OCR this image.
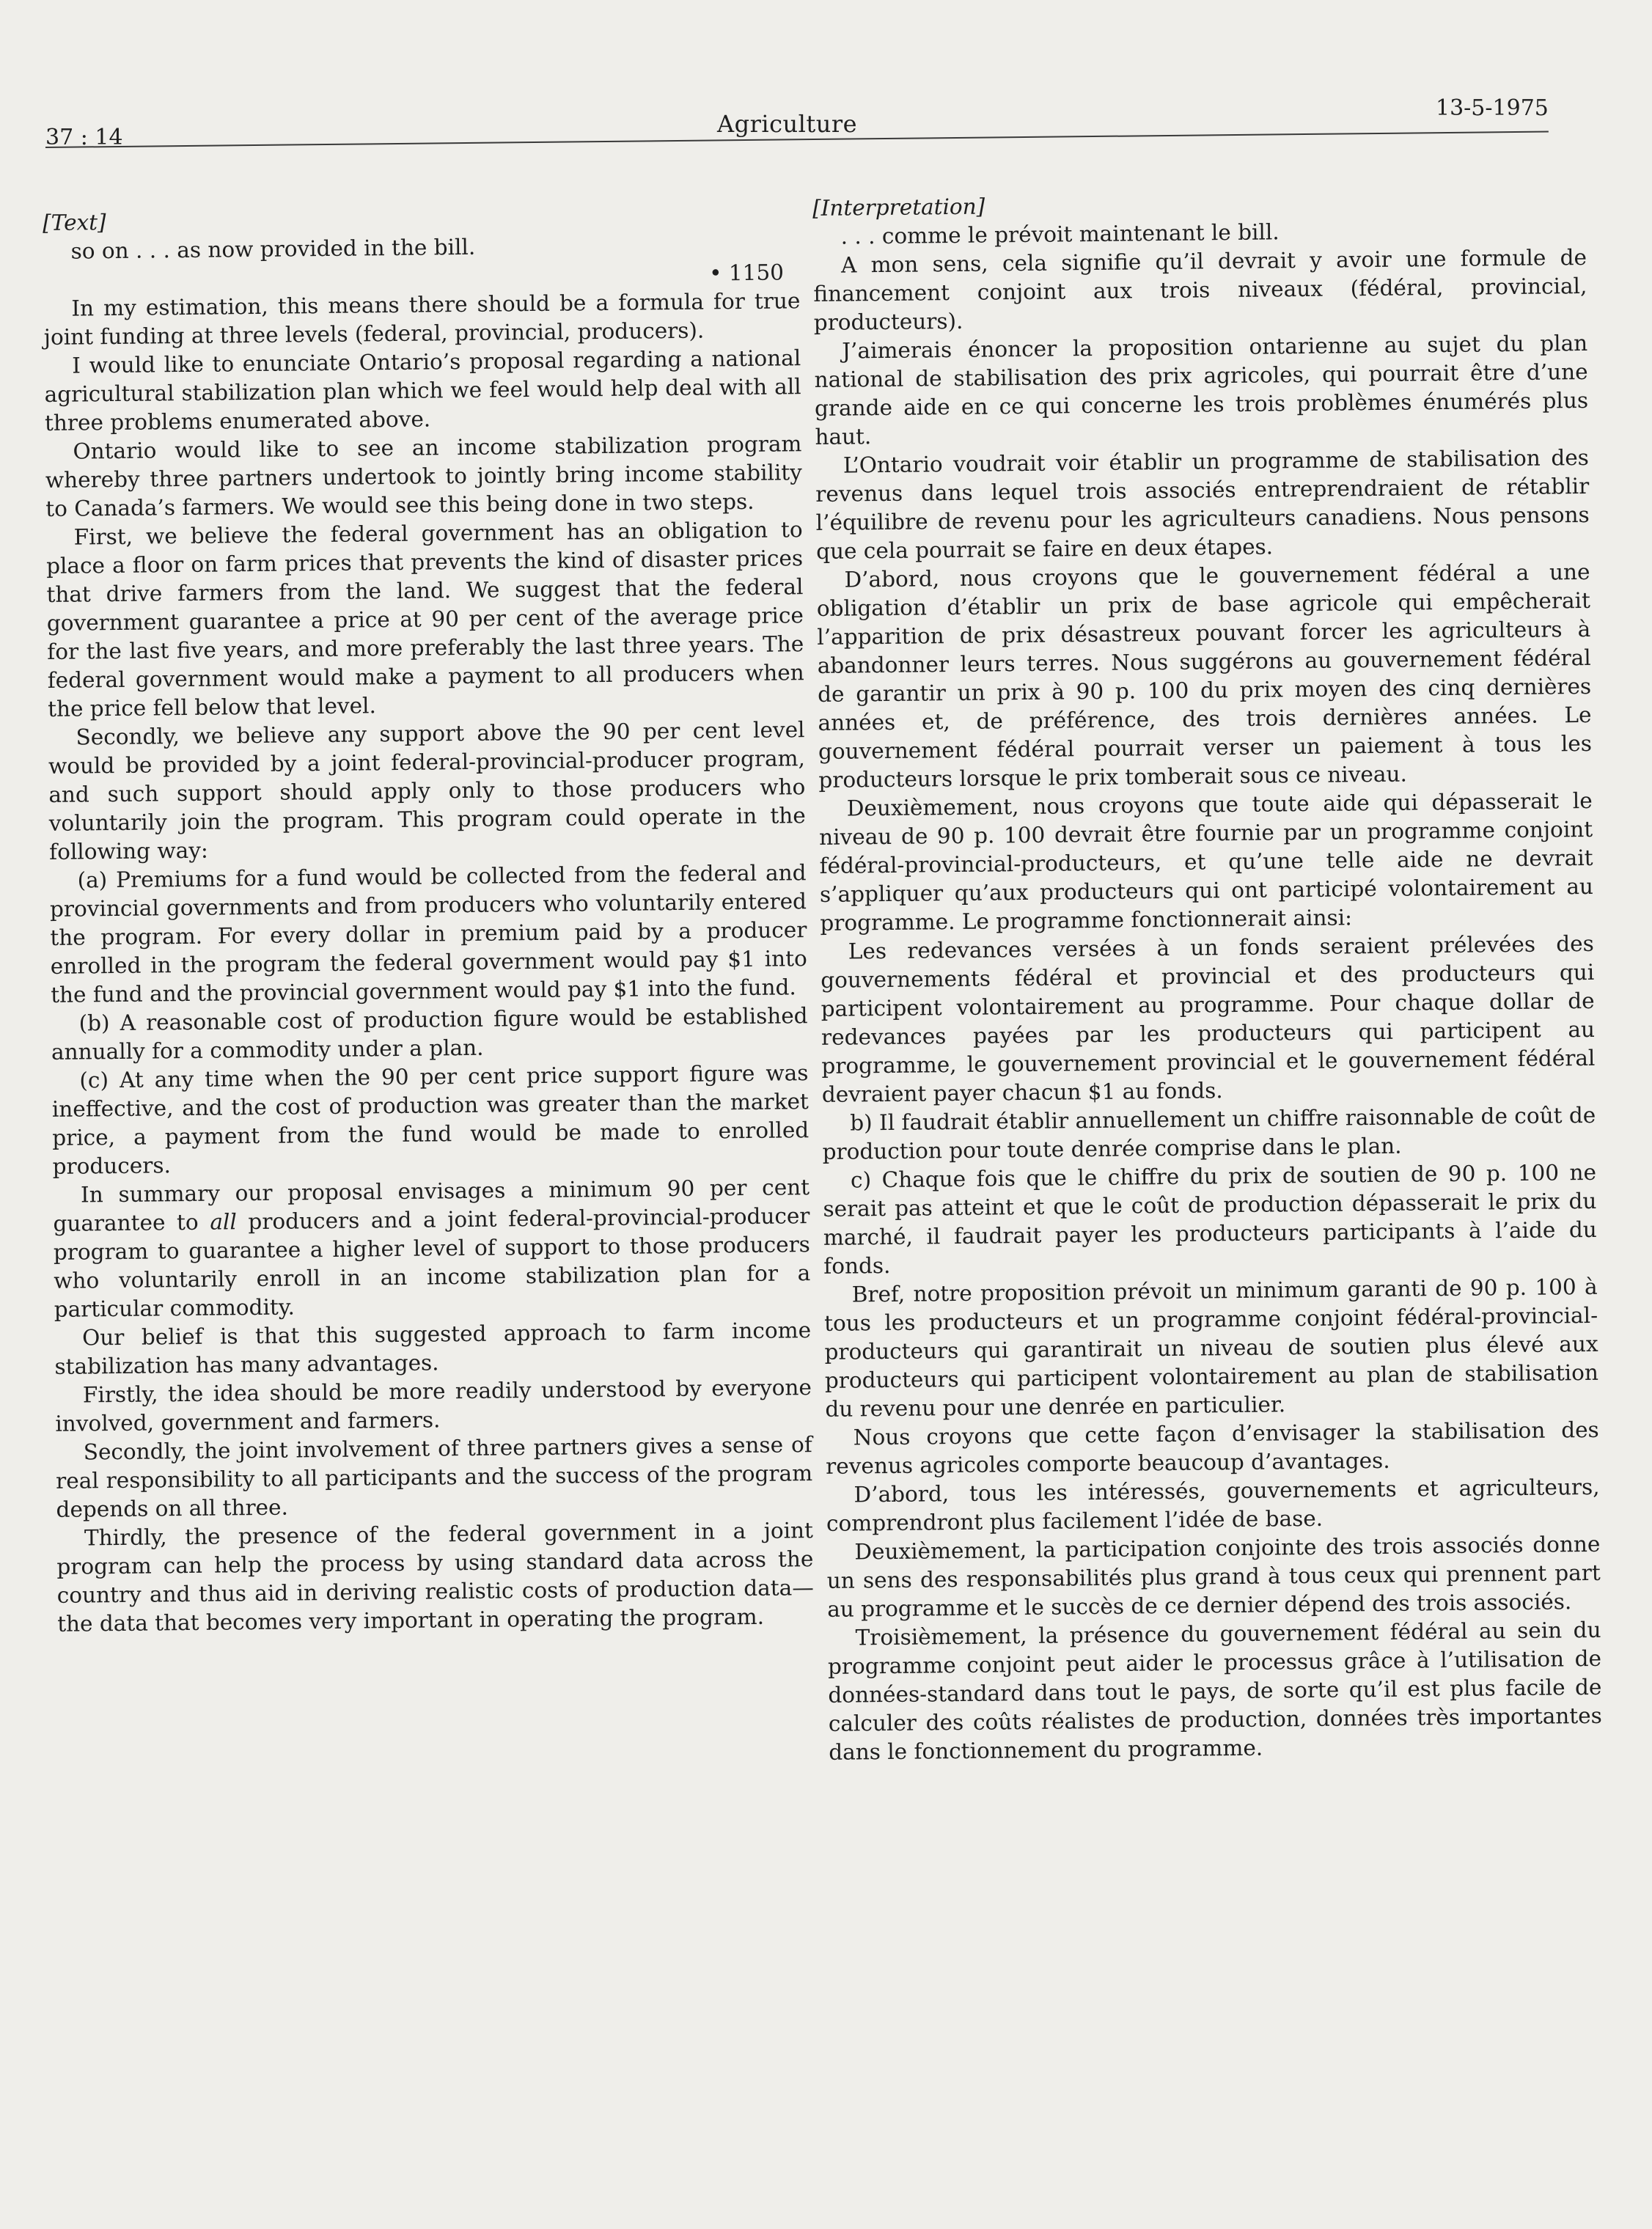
37 : 14	Agriculture
13-5-1975

[Text]

so on . . . as now provided in the bill.

• 1150

In my estimation, this means there should be a formula for true joint funding at three levels (federal, provincial, producers).

I would like to enunciate Ontario’s proposal regarding a national agricultural stabilization plan which we feel would help deal with all three problems enumerated above.

Ontario would like to see an income stabilization program whereby three partners undertook to jointly bring income stability to Canada’s farmers. We would see this being done in two steps.

First, we believe the federal government has an obligation to place a floor on farm prices that prevents the kind of disaster prices that drive farmers from the land. We suggest that the federal government guarantee a price at 90 per cent of the average price for the last five years, and more preferably the last three years. The federal government would make a payment to all producers when the price fell below that level.

Secondly, we believe any support above the 90 per cent level would be provided by a joint federal-provincial-producer program, and such support should apply only to those producers who voluntarily join the program. This program could operate in the following way:

(a) Premiums for a fund would be collected from the federal and provincial governments and from producers who voluntarily entered the program. For every dollar in premium paid by a producer enrolled in the program the federal government would pay $1 into the fund and the provincial government would pay $1 into the fund.

(b) A reasonable cost of production figure would be established annually for a commodity under a plan.

(c) At any time when the 90 per cent price support figure was ineffective, and the cost of production was greater than the market price, a payment from the fund would be made to enrolled producers.

In summary our proposal envisages a minimum 90 per cent guarantee to all producers and a joint federal-provincial-producer program to guarantee a higher level of support to those producers who voluntarily enroll in an income stabilization plan for a particular commodity.

Our belief is that this suggested approach to farm income stabilization has many advantages.

Firstly, the idea should be more readily understood by everyone involved, government and farmers.

Secondly, the joint involvement of three partners gives a sense of real responsibility to all participants and the success of the program depends on all three.

Thirdly, the presence of the federal government in a joint program can help the process by using standard data across the country and thus aid in deriving realistic costs of production data—the data that becomes very important in operating the program.

[Interpretation]

. . . comme le prévoit maintenant le bill.

A mon sens, cela signifie qu’il devrait y avoir une formule de financement conjoint aux trois niveaux (fédéral, provincial, producteurs).

J’aimerais énoncer la proposition ontarienne au sujet du plan national de stabilisation des prix agricoles, qui pourrait être d’une grande aide en ce qui concerne les trois problèmes énumérés plus haut.

L’Ontario voudrait voir établir un programme de stabilisation des revenus dans lequel trois associés entreprendraient de rétablir l’équilibre de revenu pour les agriculteurs canadiens. Nous pensons que cela pourrait se faire en deux étapes.

D’abord, nous croyons que le gouvernement fédéral a une obligation d’établir un prix de base agricole qui empêcherait l’apparition de prix désastreux pouvant forcer les agriculteurs à abandonner leurs terres. Nous suggérons au gouvernement fédéral de garantir un prix à 90 p. 100 du prix moyen des cinq dernières années et, de préférence, des trois dernières années. Le gouvernement fédéral pourrait verser un paiement à tous les producteurs lorsque le prix tomberait sous ce niveau.

Deuxièmement, nous croyons que toute aide qui dépasserait le niveau de 90 p. 100 devrait être fournie par un programme conjoint fédéral-provincial-producteurs, et qu’une telle aide ne devrait s’appliquer qu’aux producteurs qui ont participé volontairement au programme. Le programme fonctionnerait ainsi:

Les redevances versées à un fonds seraient prélevées des gouvernements fédéral et provincial et des producteurs qui participent volontairement au programme. Pour chaque dollar de redevances payées par les producteurs qui participent au programme, le gouvernement provincial et le gouvernement fédéral devraient payer chacun $1 au fonds.

b) Il faudrait établir annuellement un chiffre raisonnable de coût de production pour toute denrée comprise dans le plan.

c) Chaque fois que le chiffre du prix de soutien de 90 p. 100 ne serait pas atteint et que le coût de production dépasserait le prix du marché, il faudrait payer les producteurs participants à l’aide du fonds.

Bref, notre proposition prévoit un minimum garanti de 90 p. 100 à tous les producteurs et un programme conjoint fédéral-provincial-producteurs qui garantirait un niveau de soutien plus élevé aux producteurs qui participent volontairement au plan de stabilisation du revenu pour une denrée en particulier.

Nous croyons que cette façon d’envisager la stabilisation des revenus agricoles comporte beaucoup d’avantages.

D’abord, tous les intéressés, gouvernements et agriculteurs, comprendront plus facilement l’idée de base.

Deuxièmement, la participation conjointe des trois associés donne un sens des responsabilités plus grand à tous ceux qui prennent part au programme et le succès de ce dernier dépend des trois associés.

Troisièmement, la présence du gouvernement fédéral au sein du programme conjoint peut aider le processus grâce à l’utilisation de données-standard dans tout le pays, de sorte qu’il est plus facile de calculer des coûts réalistes de production, données très importantes dans le fonctionnement du programme.
